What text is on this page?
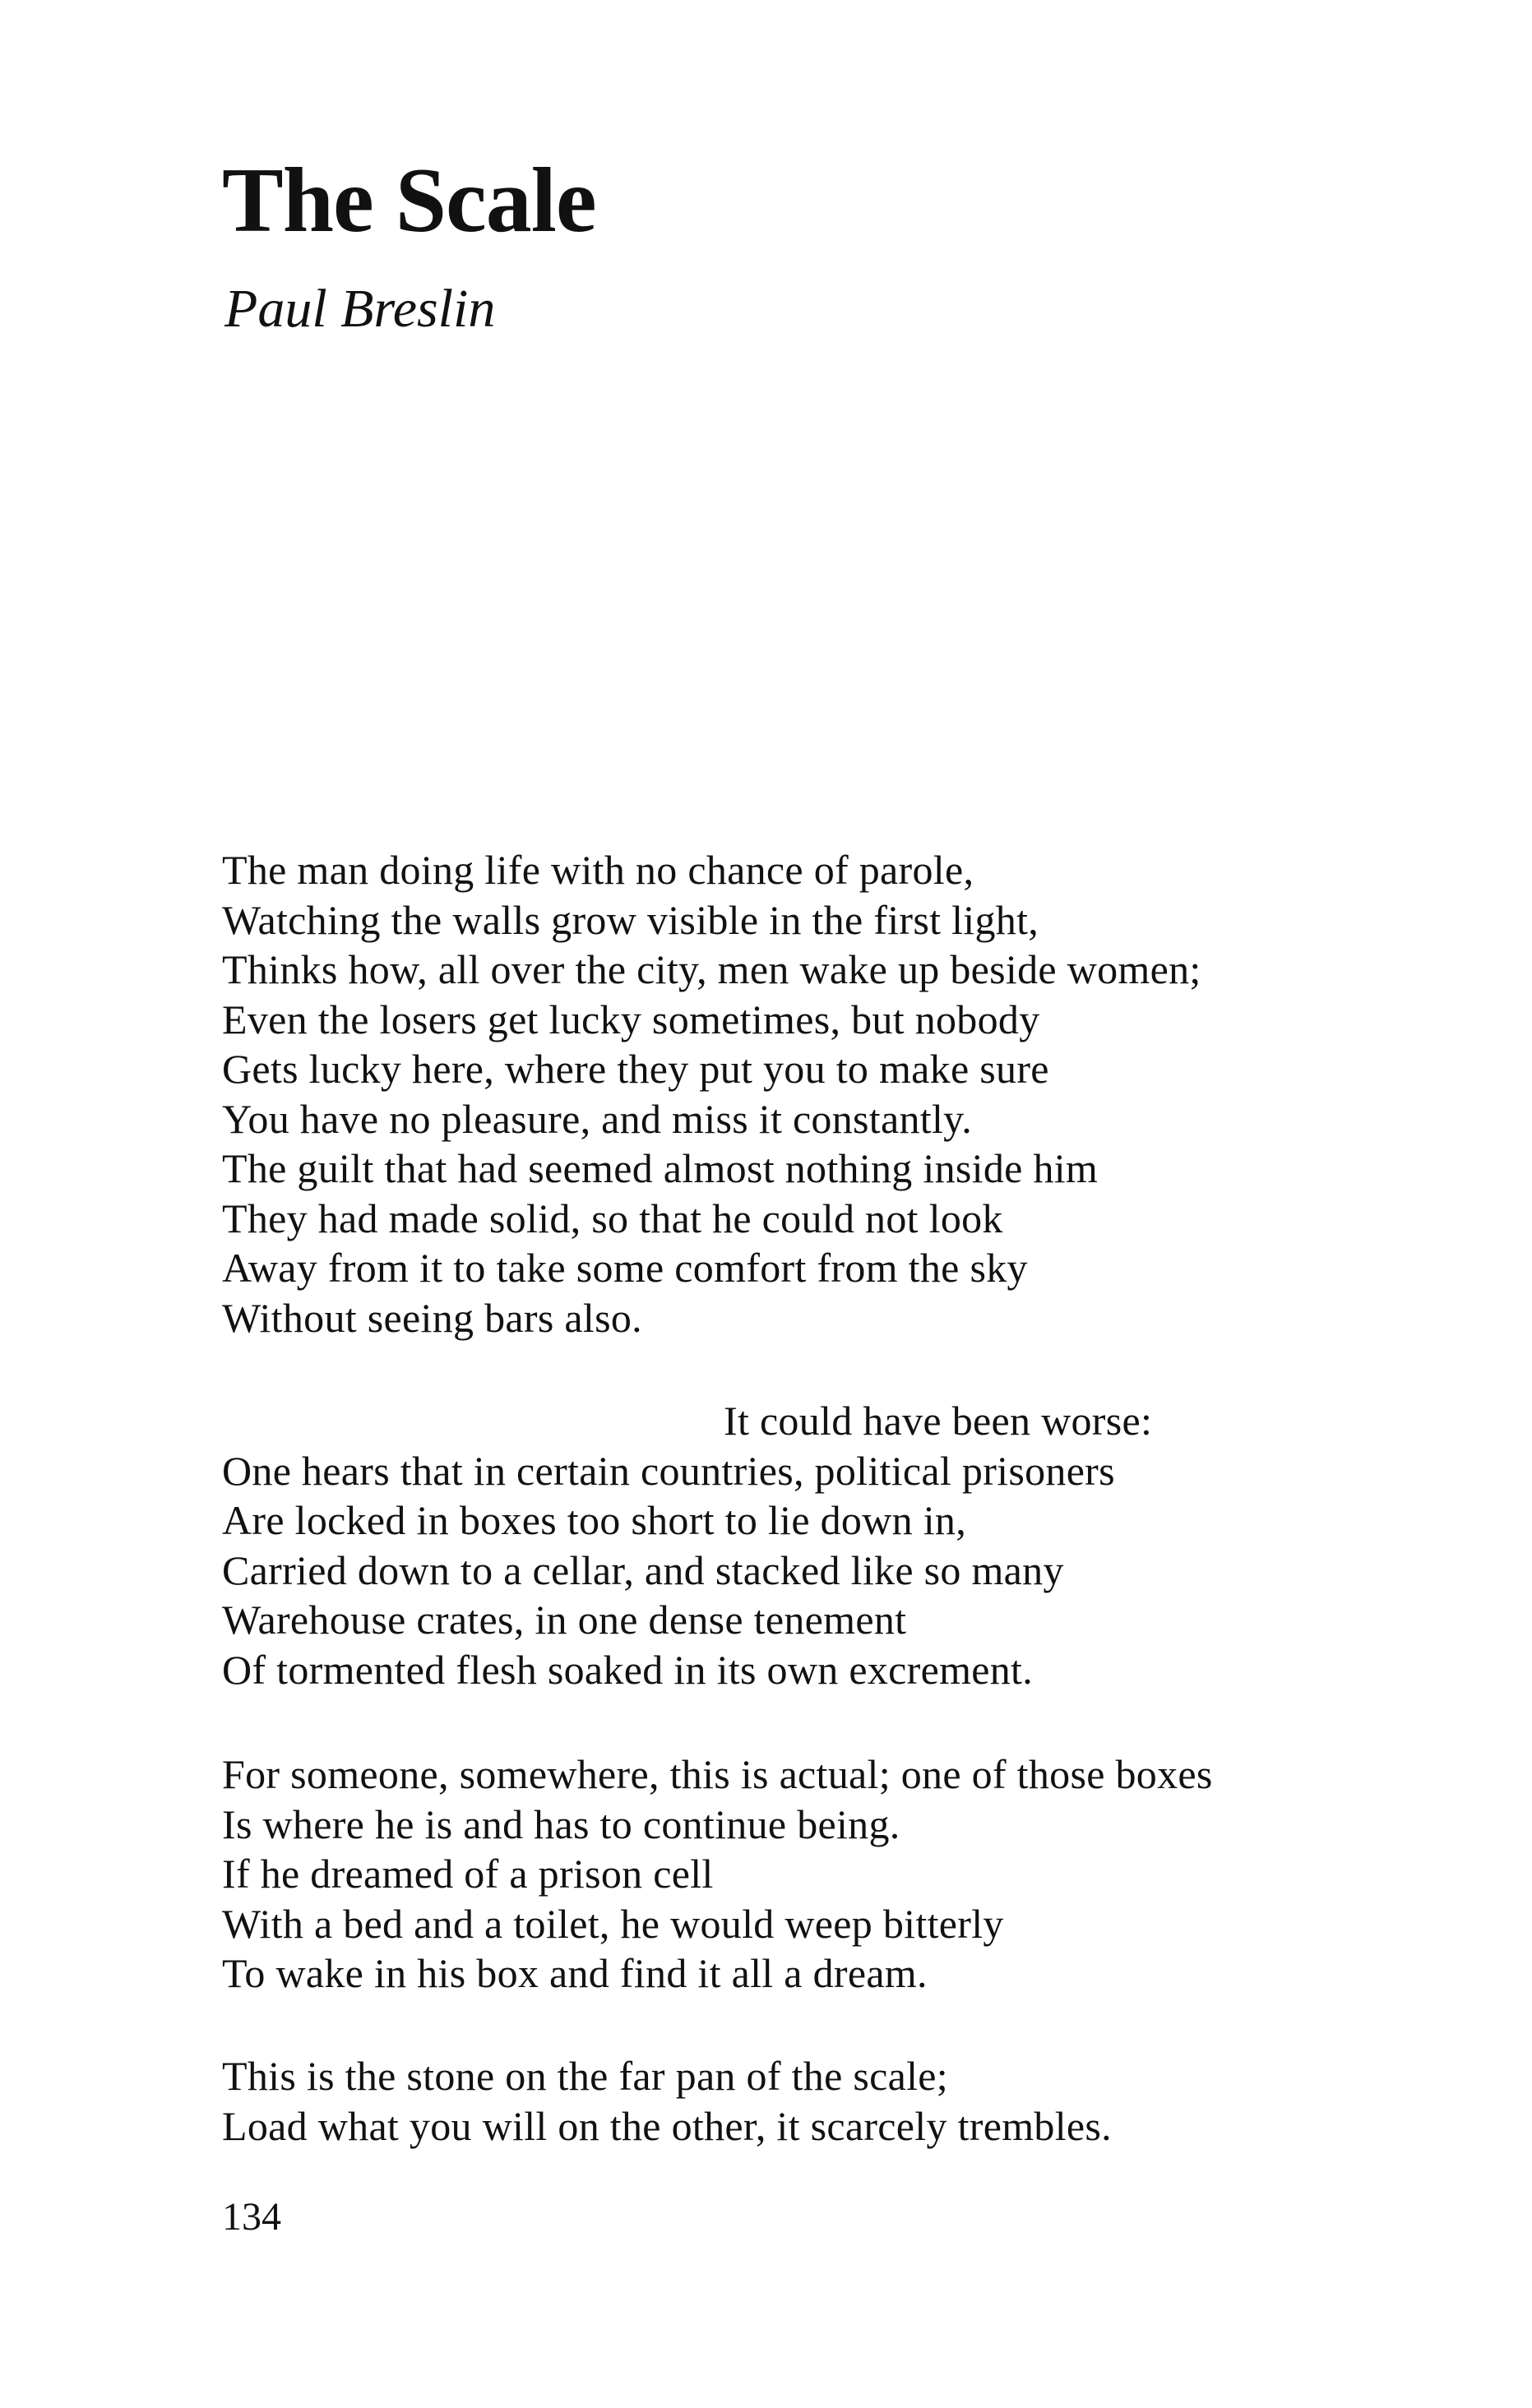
The Scale

Paul Breslin

The man doing life with no chance of parole,
Watching the walls grow visible in the first light,
Thinks how, all over the city, men wake up beside women;
Even the losers get lucky sometimes, but nobody
Gets lucky here, where they put you to make sure
You have no pleasure, and miss it constantly.
The guilt that had seemed almost nothing inside him
They had made solid, so that he could not look
Away from it to take some comfort from the sky
Without seeing bars also.
It could have been worse:
One hears that in certain countries, political prisoners
Are locked in boxes too short to lie down in,
Carried down to a cellar, and stacked like so many
Warehouse crates, in one dense tenement
Of tormented flesh soaked in its own excrement.
For someone, somewhere, this is actual; one of those boxes
Is where he is and has to continue being.
If he dreamed of a prison cell
With a bed and a toilet, he would weep bitterly
To wake in his box and find it all a dream.
This is the stone on the far pan of the scale;
Load what you will on the other, it scarcely trembles.
134
